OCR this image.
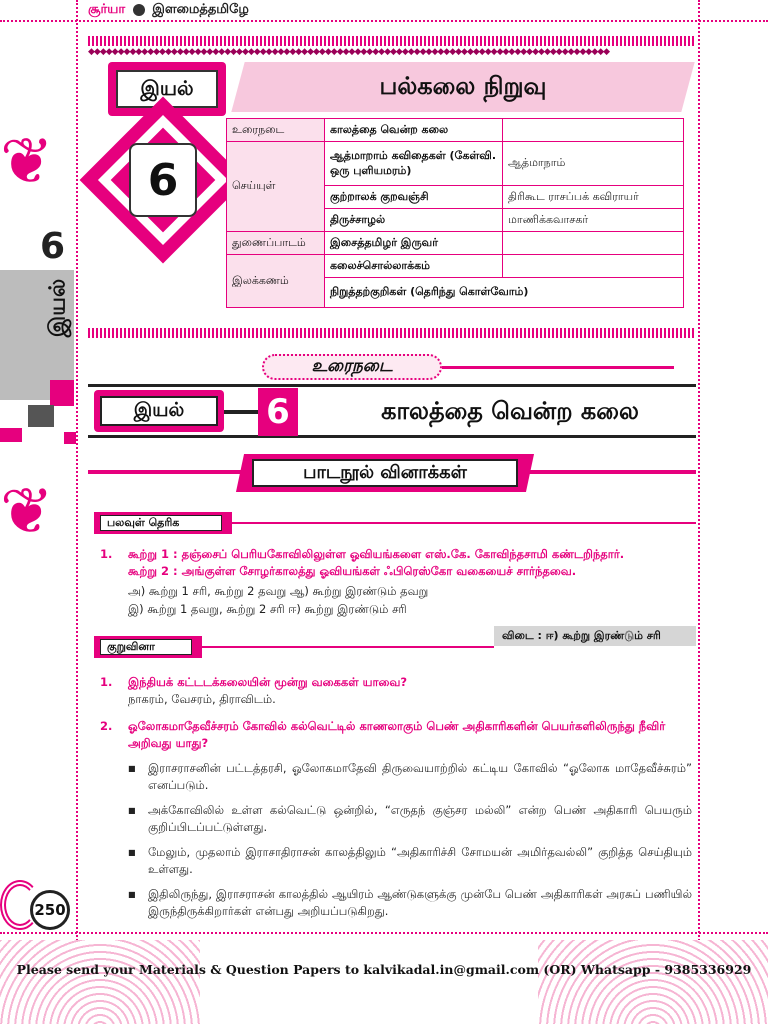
சூர்யா இளமைத்தமிழே
◆◆◆◆◆◆◆◆◆◆◆◆◆◆◆◆◆◆◆◆◆◆◆◆◆◆◆◆◆◆◆◆◆◆◆◆◆◆◆◆◆◆◆◆◆◆◆◆◆◆◆◆◆◆◆◆◆◆◆◆◆◆◆◆◆◆◆◆◆◆◆◆◆◆◆◆◆◆◆◆◆◆◆◆◆◆◆◆
இயல்	பல்கலை நிறுவு
6
உரைநடை	காலத்தை வென்ற கலை	
செய்யுள்	ஆத்மாறாம் கவிதைகள் (கேள்வி. ஒரு புளியமரம்)	ஆத்மாநாம்
	குற்றாலக் குறவஞ்சி	திரிகூட ராசப்பக் கவிராயர்
	திருச்சாழல்	மாணிக்கவாசகர்
துணைப்பாடம்	இசைத்தமிழர் இருவர்	
இலக்கணம்	கலைச்சொல்லாக்கம்	
	நிறுத்தற்குறிகள் (தெரிந்து கொள்வோம்)	
❦
6
இயல்
❦
உரைநடை
இயல்	6	காலத்தை வென்ற கலை
பாடநூல் வினாக்கள்
பலவுள் தெரிக
1. கூற்று 1 : தஞ்சைப் பெரியகோவிலிலுள்ள ஓவியங்களை எஸ்.கே. கோவிந்தசாமி கண்டறிந்தார்.
கூற்று 2 : அங்குள்ள சோழர்காலத்து ஓவியங்கள் ஃபிரெஸ்கோ வகையைச் சார்ந்தவை.
அ) கூற்று 1 சரி, கூற்று 2 தவறு ஆ) கூற்று இரண்டும் தவறு
இ) கூற்று 1 தவறு, கூற்று 2 சரி ஈ) கூற்று இரண்டும் சரி
விடை : ஈ) கூற்று இரண்டும் சரி
குறுவினா
1. இந்தியக் கட்டடக்கலையின் மூன்று வகைகள் யாவை?
நாகரம், வேசரம், திராவிடம்.
2. ஓலோகமாதேவீச்சரம் கோவில் கல்வெட்டில் காணலாகும் பெண் அதிகாரிகளின் பெயர்களிலிருந்து நீவிர் அறிவது யாது?
■ இராசராசனின் பட்டத்தரசி, ஓலோகமாதேவி திருவையாற்றில் கட்டிய கோவில் “ஓலோக மாதேவீச்சுரம்” எனப்படும்.
■ அக்கோவிலில் உள்ள கல்வெட்டு ஒன்றில், “எருதந் குஞ்சர மல்லி” என்ற பெண் அதிகாரி பெயரும் குறிப்பிடப்பட்டுள்ளது.
■ மேலும், முதலாம் இராசாதிராசன் காலத்திலும் “அதிகாரிச்சி சோமயன் அமிர்தவல்லி” குறித்த செய்தியும் உள்ளது.
■ இதிலிருந்து, இராசராசன் காலத்தில் ஆயிரம் ஆண்டுகளுக்கு முன்பே பெண் அதிகாரிகள் அரசுப் பணியில் இருந்திருக்கிறார்கள் என்பது அறியப்படுகிறது.
250
Please send your Materials & Question Papers to kalvikadal.in@gmail.com (OR) Whatsapp - 9385336929
